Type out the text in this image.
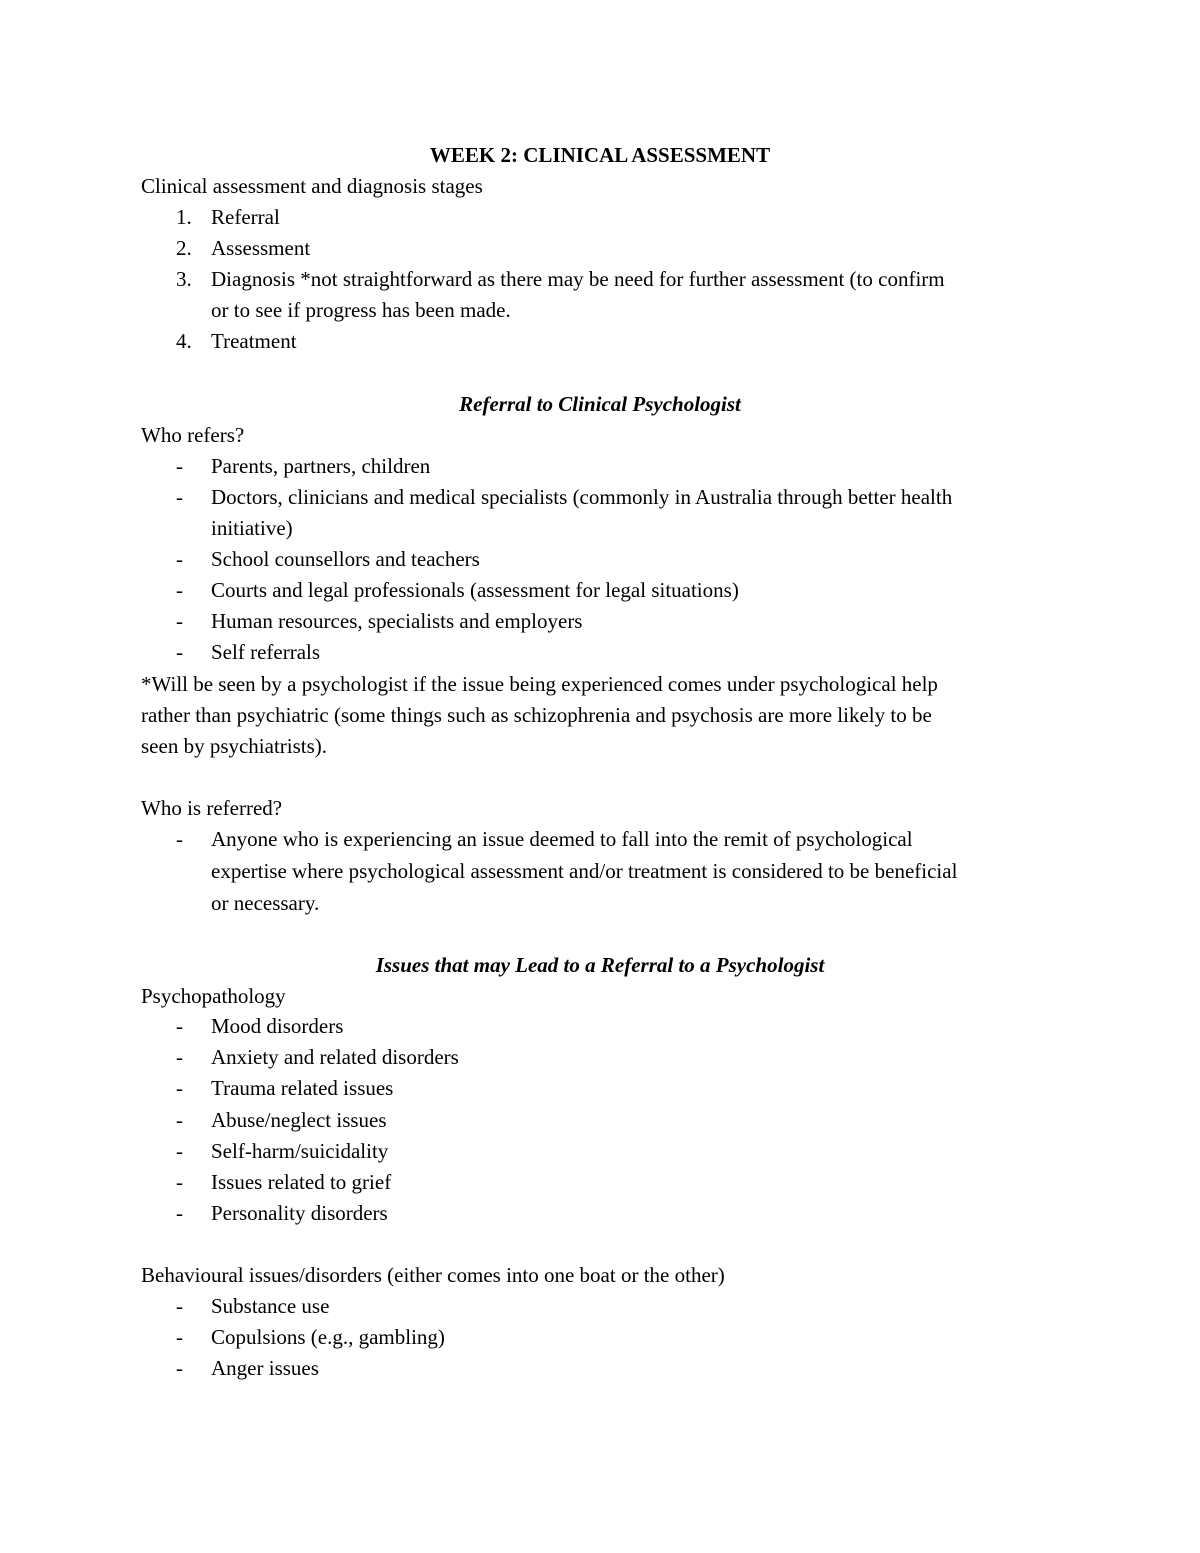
WEEK 2: CLINICAL ASSESSMENT
Clinical assessment and diagnosis stages
1. Referral
2. Assessment
3. Diagnosis *not straightforward as there may be need for further assessment (to confirm
or to see if progress has been made.
4. Treatment
Referral to Clinical Psychologist
Who refers?
- Parents, partners, children
- Doctors, clinicians and medical specialists (commonly in Australia through better health
initiative)
- School counsellors and teachers
- Courts and legal professionals (assessment for legal situations)
- Human resources, specialists and employers
- Self referrals
*Will be seen by a psychologist if the issue being experienced comes under psychological help
rather than psychiatric (some things such as schizophrenia and psychosis are more likely to be
seen by psychiatrists).
Who is referred?
- Anyone who is experiencing an issue deemed to fall into the remit of psychological
expertise where psychological assessment and/or treatment is considered to be beneficial
or necessary.
Issues that may Lead to a Referral to a Psychologist
Psychopathology
- Mood disorders
- Anxiety and related disorders
- Trauma related issues
- Abuse/neglect issues
- Self-harm/suicidality
- Issues related to grief
- Personality disorders
Behavioural issues/disorders (either comes into one boat or the other)
- Substance use
- Copulsions (e.g., gambling)
- Anger issues
